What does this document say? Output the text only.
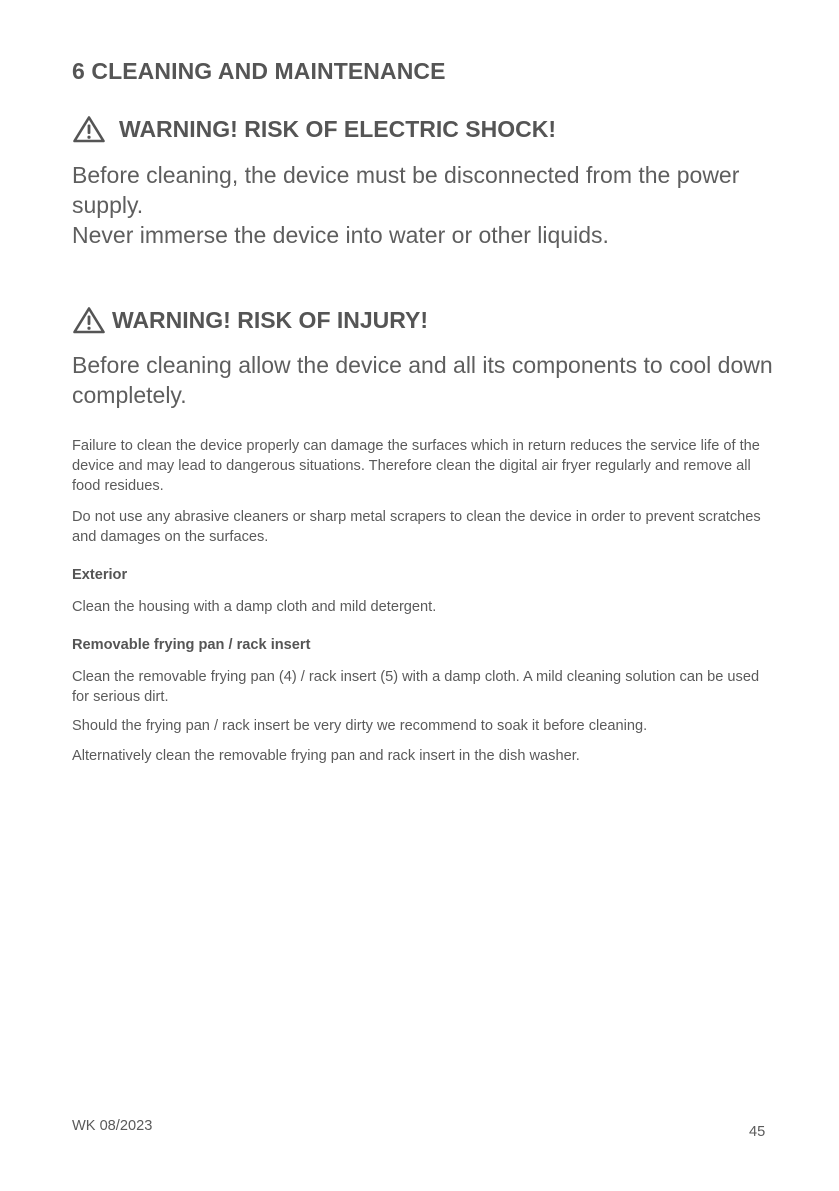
6 CLEANING AND MAINTENANCE
WARNING! RISK OF ELECTRIC SHOCK!
Before cleaning, the device must be disconnected from the power supply.
Never immerse the device into water or other liquids.
WARNING! RISK OF INJURY!
Before cleaning allow the device and all its components to cool down completely.

Failure to clean the device properly can damage the surfaces which in return reduces the service life of the device and may lead to dangerous situations. Therefore clean the digital air fryer regularly and remove all food residues.

Do not use any abrasive cleaners or sharp metal scrapers to clean the device in order to prevent scratches and damages on the surfaces.

Exterior

Clean the housing with a damp cloth and mild detergent.

Removable frying pan / rack insert

Clean the removable frying pan (4) / rack insert (5) with a damp cloth. A mild cleaning solution can be used for serious dirt.

Should the frying pan / rack insert be very dirty we recommend to soak it before cleaning.

Alternatively clean the removable frying pan and rack insert in the dish washer.

WK 08/2023	45
